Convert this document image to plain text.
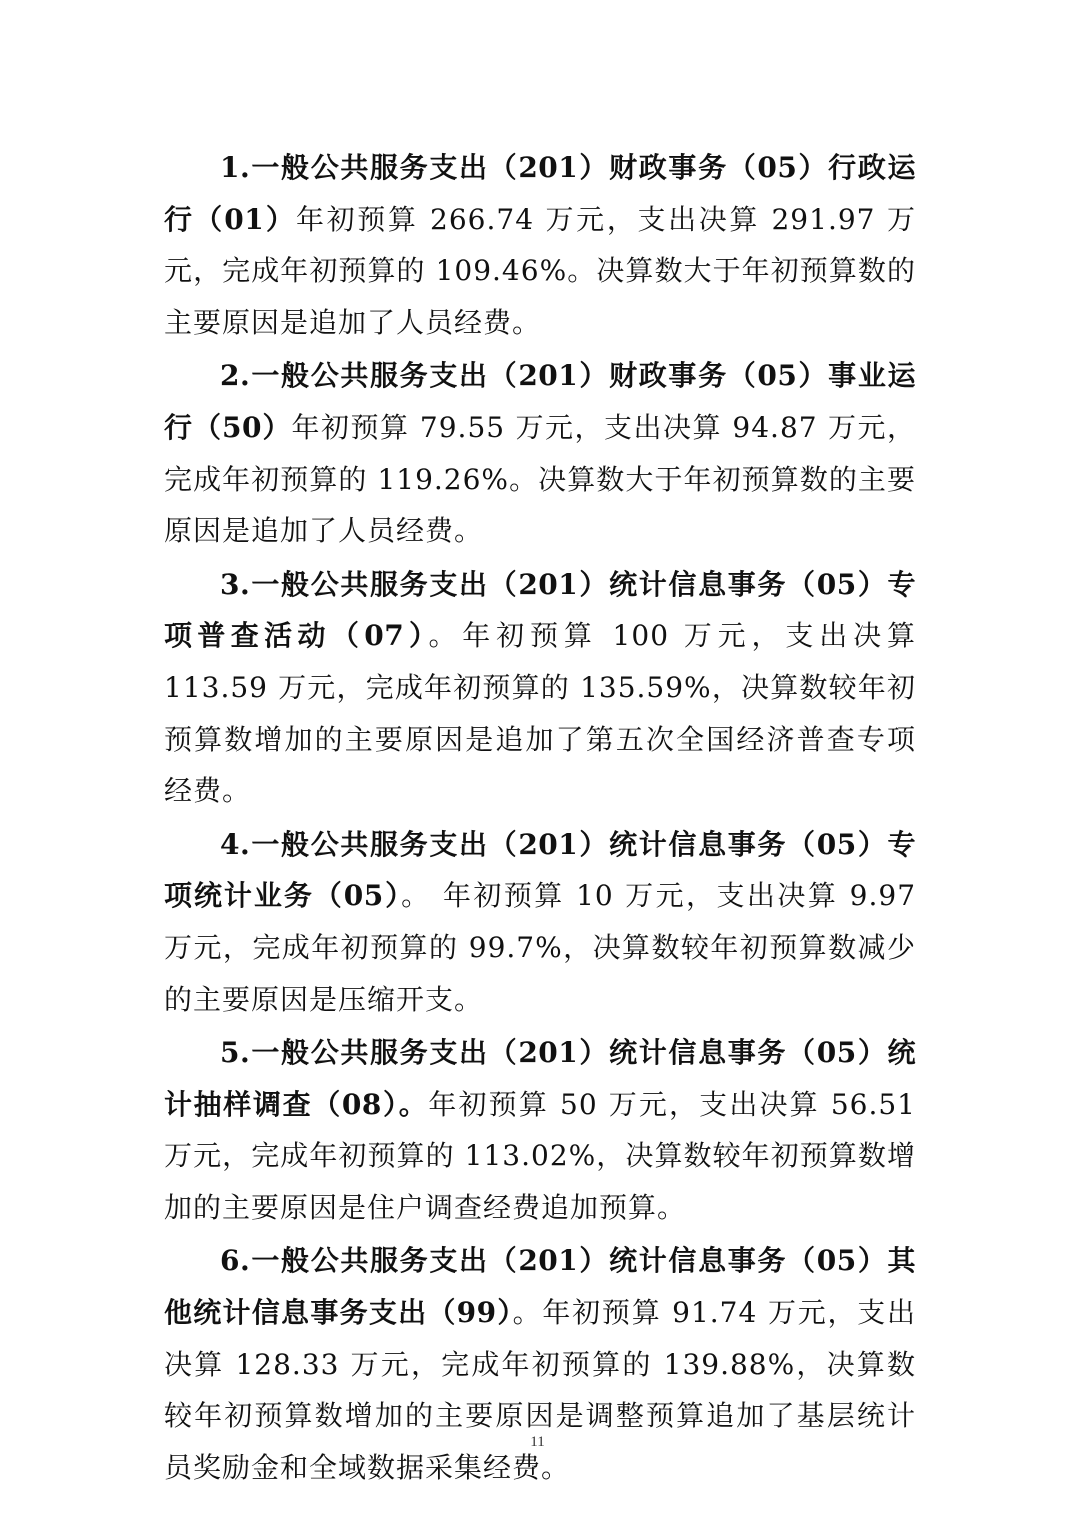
1.一般公共服务支出（201）财政事务（05）行政运行（01）年初预算 266.74 万元，支出决算 291.97 万元，完成年初预算的 109.46%。决算数大于年初预算数的主要原因是追加了人员经费。

2.一般公共服务支出（201）财政事务（05）事业运行（50）年初预算 79.55 万元，支出决算 94.87 万元，完成年初预算的 119.26%。决算数大于年初预算数的主要原因是追加了人员经费。

3.一般公共服务支出（201）统计信息事务（05）专项普查活动（07）。年初预算 100 万元，支出决算 113.59 万元，完成年初预算的 135.59%，决算数较年初预算数增加的主要原因是追加了第五次全国经济普查专项经费。

4.一般公共服务支出（201）统计信息事务（05）专项统计业务（05）。 年初预算 10 万元，支出决算 9.97 万元，完成年初预算的 99.7%，决算数较年初预算数减少的主要原因是压缩开支。

5.一般公共服务支出（201）统计信息事务（05）统计抽样调查（08）。年初预算 50 万元，支出决算 56.51 万元，完成年初预算的 113.02%，决算数较年初预算数增加的主要原因是住户调查经费追加预算。

6.一般公共服务支出（201）统计信息事务（05）其他统计信息事务支出（99）。年初预算 91.74 万元，支出决算 128.33 万元，完成年初预算的 139.88%，决算数较年初预算数增加的主要原因是调整预算追加了基层统计员奖励金和全域数据采集经费。

11
